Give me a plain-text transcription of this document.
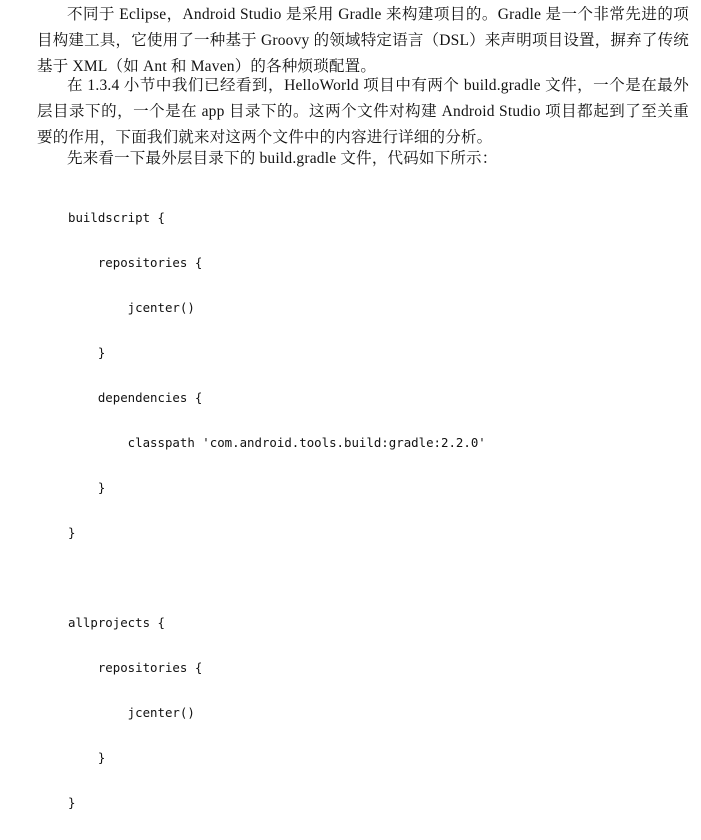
不同于 Eclipse，Android Studio 是采用 Gradle 来构建项目的。Gradle 是一个非常先进的项目构建工具，它使用了一种基于 Groovy 的领域特定语言（DSL）来声明项目设置，摒弃了传统基于 XML（如 Ant 和 Maven）的各种烦琐配置。

在 1.3.4 小节中我们已经看到，HelloWorld 项目中有两个 build.gradle 文件，一个是在最外层目录下的，一个是在 app 目录下的。这两个文件对构建 Android Studio 项目都起到了至关重要的作用，下面我们就来对这两个文件中的内容进行详细的分析。

先来看一下最外层目录下的 build.gradle 文件，代码如下所示：

buildscript {

repositories {

jcenter()

}

dependencies {

classpath 'com.android.tools.build:gradle:2.2.0'

}

}

allprojects {

repositories {

jcenter()

}

}
